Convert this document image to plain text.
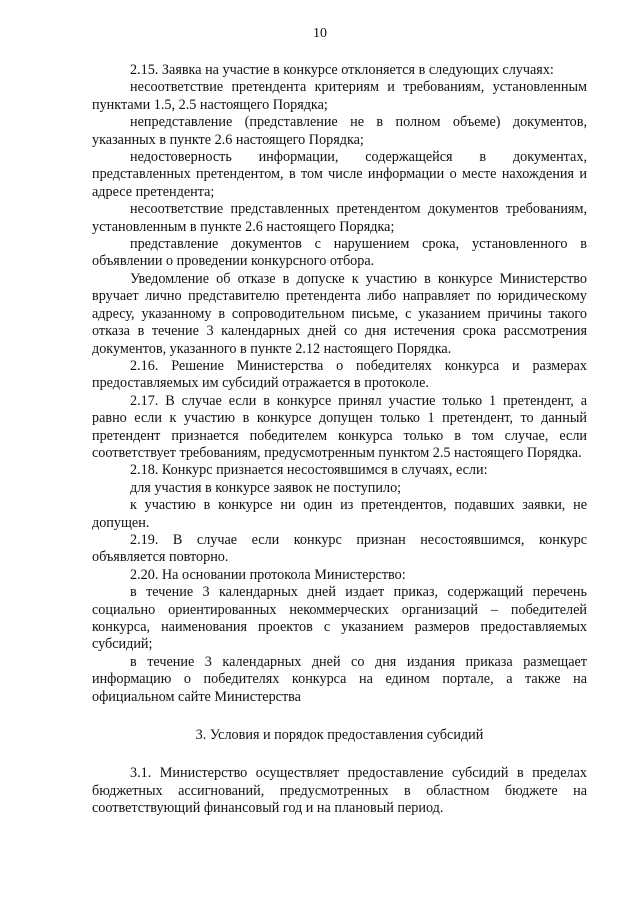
10

2.15. Заявка на участие в конкурсе отклоняется в следующих случаях:

несоответствие претендента критериям и требованиям, установленным пунктами 1.5, 2.5 настоящего Порядка;

непредставление (представление не в полном объеме) документов, указанных в пункте 2.6 настоящего Порядка;

недостоверность информации, содержащейся в документах, представленных претендентом, в том числе информации о месте нахождения и адресе претендента;

несоответствие представленных претендентом документов требованиям, установленным в пункте 2.6 настоящего Порядка;

представление документов с нарушением срока, установленного в объявлении о проведении конкурсного отбора.

Уведомление об отказе в допуске к участию в конкурсе Министерство вручает лично представителю претендента либо направляет по юридическому адресу, указанному в сопроводительном письме, с указанием причины такого отказа в течение 3 календарных дней со дня истечения срока рассмотрения документов, указанного в пункте 2.12 настоящего Порядка.

2.16. Решение Министерства о победителях конкурса и размерах предоставляемых им субсидий отражается в протоколе.

2.17. В случае если в конкурсе принял участие только 1 претендент, а равно если к участию в конкурсе допущен только 1 претендент, то данный претендент признается победителем конкурса только в том случае, если соответствует требованиям, предусмотренным пунктом 2.5 настоящего Порядка.

2.18. Конкурс признается несостоявшимся в случаях, если:

для участия в конкурсе заявок не поступило;

к участию в конкурсе ни один из претендентов, подавших заявки, не допущен.

2.19. В случае если конкурс признан несостоявшимся, конкурс объявляется повторно.

2.20. На основании протокола Министерство:

в течение 3 календарных дней издает приказ, содержащий перечень социально ориентированных некоммерческих организаций – победителей конкурса, наименования проектов с указанием размеров предоставляемых субсидий;

в течение 3 календарных дней со дня издания приказа размещает информацию о победителях конкурса на едином портале, а также на официальном сайте Министерства

3. Условия и порядок предоставления субсидий

3.1. Министерство осуществляет предоставление субсидий в пределах бюджетных ассигнований, предусмотренных в областном бюджете на соответствующий финансовый год и на плановый период.
